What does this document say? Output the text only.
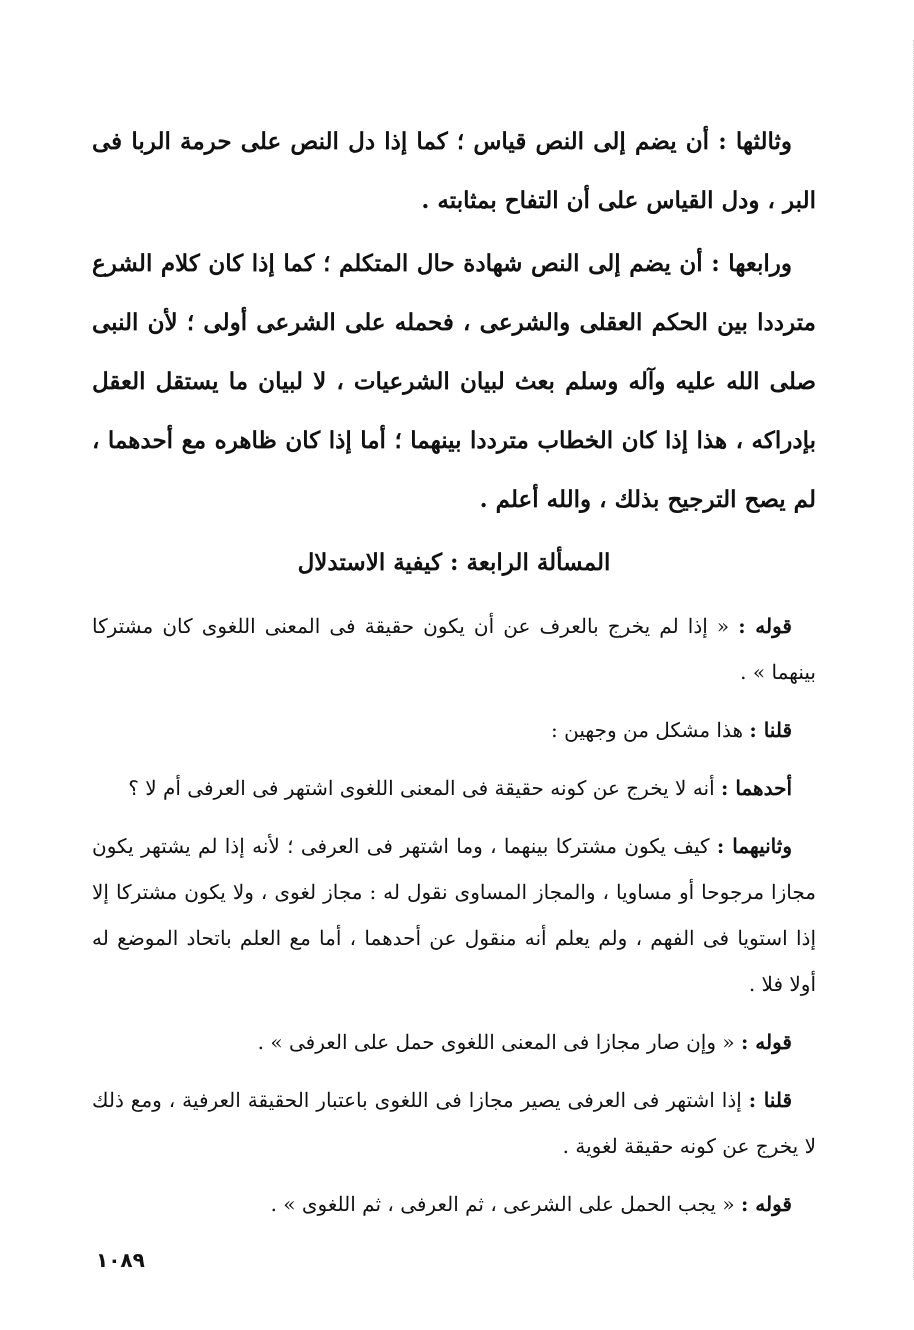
وثالثها : أن يضم إلى النص قياس ؛ كما إذا دل النص على حرمة الربا فى البر ، ودل القياس على أن التفاح بمثابته .

ورابعها : أن يضم إلى النص شهادة حال المتكلم ؛ كما إذا كان كلام الشرع مترددا بين الحكم العقلى والشرعى ، فحمله على الشرعى أولى ؛ لأن النبى صلى الله عليه وآله وسلم بعث لبيان الشرعيات ، لا لبيان ما يستقل العقل بإدراكه ، هذا إذا كان الخطاب مترددا بينهما ؛ أما إذا كان ظاهره مع أحدهما ، لم يصح الترجيح بذلك ، والله أعلم .

المسألة الرابعة : كيفية الاستدلال

قوله : « إذا لم يخرج بالعرف عن أن يكون حقيقة فى المعنى اللغوى كان مشتركا بينهما » .

قلنا : هذا مشكل من وجهين :

أحدهما : أنه لا يخرج عن كونه حقيقة فى المعنى اللغوى اشتهر فى العرفى أم لا ؟

وثانيهما : كيف يكون مشتركا بينهما ، وما اشتهر فى العرفى ؛ لأنه إذا لم يشتهر يكون مجازا مرجوحا أو مساويا ، والمجاز المساوى نقول له : مجاز لغوى ، ولا يكون مشتركا إلا إذا استويا فى الفهم ، ولم يعلم أنه منقول عن أحدهما ، أما مع العلم باتحاد الموضع له أولا فلا .

قوله : « وإن صار مجازا فى المعنى اللغوى حمل على العرفى » .

قلنا : إذا اشتهر فى العرفى يصير مجازا فى اللغوى باعتبار الحقيقة العرفية ، ومع ذلك لا يخرج عن كونه حقيقة لغوية .

قوله : « يجب الحمل على الشرعى ، ثم العرفى ، ثم اللغوى » .

١٠٨٩
